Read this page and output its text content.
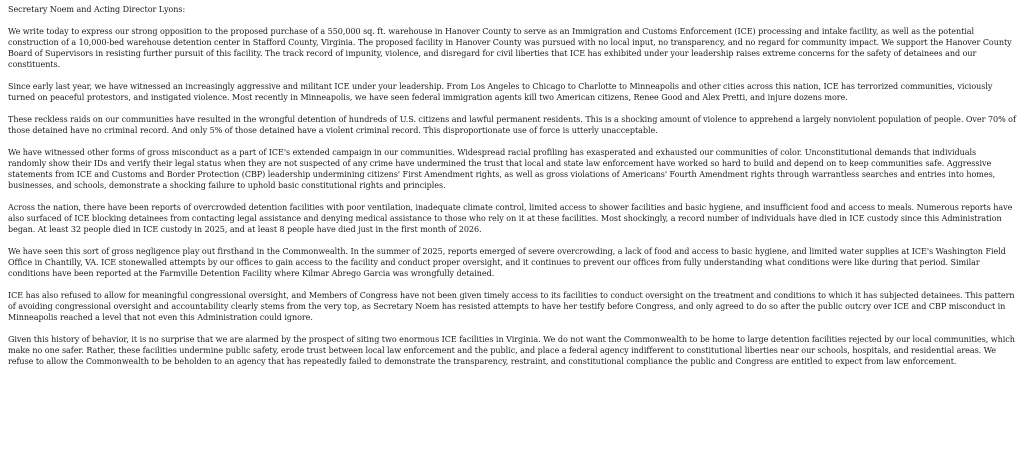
Secretary Noem and Acting Director Lyons:

We write today to express our strong opposition to the proposed purchase of a 550,000 sq. ft. warehouse in Hanover County to serve as an Immigration and Customs Enforcement (ICE) processing and intake facility, as well as the potential construction of a 10,000-bed warehouse detention center in Stafford County, Virginia. The proposed facility in Hanover County was pursued with no local input, no transparency, and no regard for community impact. We support the Hanover County Board of Supervisors in resisting further pursuit of this facility. The track record of impunity, violence, and disregard for civil liberties that ICE has exhibited under your leadership raises extreme concerns for the safety of detainees and our constituents.

Since early last year, we have witnessed an increasingly aggressive and militant ICE under your leadership. From Los Angeles to Chicago to Charlotte to Minneapolis and other cities across this nation, ICE has terrorized communities, viciously turned on peaceful protestors, and instigated violence. Most recently in Minneapolis, we have seen federal immigration agents kill two American citizens, Renee Good and Alex Pretti, and injure dozens more.

These reckless raids on our communities have resulted in the wrongful detention of hundreds of U.S. citizens and lawful permanent residents. This is a shocking amount of violence to apprehend a largely nonviolent population of people. Over 70% of those detained have no criminal record. And only 5% of those detained have a violent criminal record. This disproportionate use of force is utterly unacceptable.

We have witnessed other forms of gross misconduct as a part of ICE's extended campaign in our communities. Widespread racial profiling has exasperated and exhausted our communities of color. Unconstitutional demands that individuals randomly show their IDs and verify their legal status when they are not suspected of any crime have undermined the trust that local and state law enforcement have worked so hard to build and depend on to keep communities safe. Aggressive statements from ICE and Customs and Border Protection (CBP) leadership undermining citizens' First Amendment rights, as well as gross violations of Americans' Fourth Amendment rights through warrantless searches and entries into homes, businesses, and schools, demonstrate a shocking failure to uphold basic constitutional rights and principles.

Across the nation, there have been reports of overcrowded detention facilities with poor ventilation, inadequate climate control, limited access to shower facilities and basic hygiene, and insufficient food and access to meals. Numerous reports have also surfaced of ICE blocking detainees from contacting legal assistance and denying medical assistance to those who rely on it at these facilities. Most shockingly, a record number of individuals have died in ICE custody since this Administration began. At least 32 people died in ICE custody in 2025, and at least 8 people have died just in the first month of 2026.

We have seen this sort of gross negligence play out firsthand in the Commonwealth. In the summer of 2025, reports emerged of severe overcrowding, a lack of food and access to basic hygiene, and limited water supplies at ICE's Washington Field Office in Chantilly, VA. ICE stonewalled attempts by our offices to gain access to the facility and conduct proper oversight, and it continues to prevent our offices from fully understanding what conditions were like during that period. Similar conditions have been reported at the Farmville Detention Facility where Kilmar Abrego Garcia was wrongfully detained.

ICE has also refused to allow for meaningful congressional oversight, and Members of Congress have not been given timely access to its facilities to conduct oversight on the treatment and conditions to which it has subjected detainees. This pattern of avoiding congressional oversight and accountability clearly stems from the very top, as Secretary Noem has resisted attempts to have her testify before Congress, and only agreed to do so after the public outcry over ICE and CBP misconduct in Minneapolis reached a level that not even this Administration could ignore.

Given this history of behavior, it is no surprise that we are alarmed by the prospect of siting two enormous ICE facilities in Virginia. We do not want the Commonwealth to be home to large detention facilities rejected by our local communities, which make no one safer. Rather, these facilities undermine public safety, erode trust between local law enforcement and the public, and place a federal agency indifferent to constitutional liberties near our schools, hospitals, and residential areas. We refuse to allow the Commonwealth to be beholden to an agency that has repeatedly failed to demonstrate the transparency, restraint, and constitutional compliance the public and Congress are entitled to expect from law enforcement.
